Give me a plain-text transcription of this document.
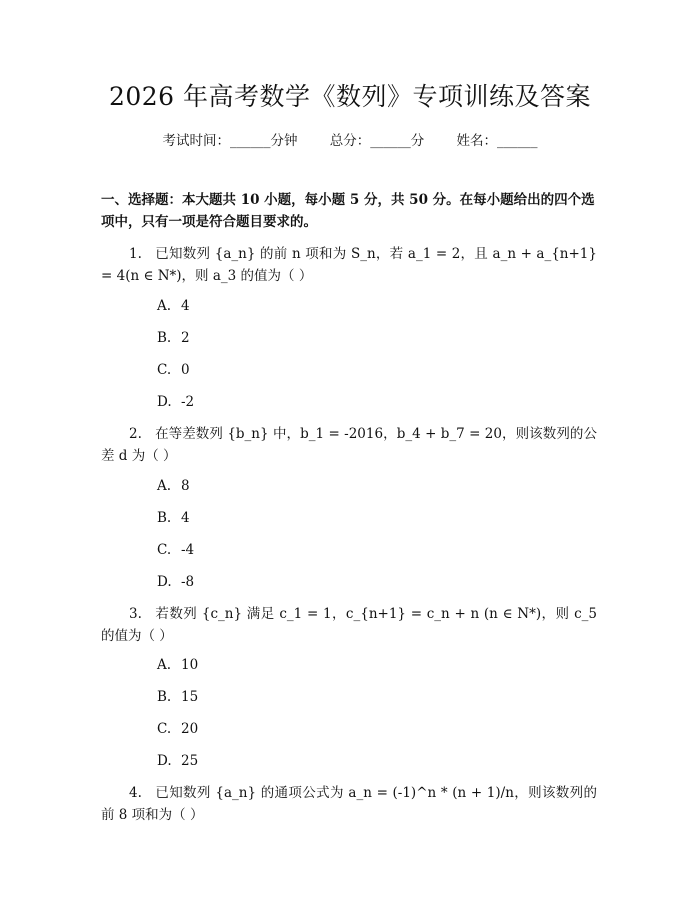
2026 年高考数学《数列》专项训练及答案
考试时间：______分钟 总分：______分 姓名：______
一、选择题：本大题共 10 小题，每小题 5 分，共 50 分。在每小题给出的四个选项中，只有一项是符合题目要求的。
1. 已知数列 {a_n} 的前 n 项和为 S_n，若 a_1 = 2，且 a_n + a_{n+1} = 4(n ∈ N*)，则 a_3 的值为（ ）
A. 4
B. 2
C. 0
D. -2
2. 在等差数列 {b_n} 中，b_1 = -2016，b_4 + b_7 = 20，则该数列的公差 d 为（ ）
A. 8
B. 4
C. -4
D. -8
3. 若数列 {c_n} 满足 c_1 = 1，c_{n+1} = c_n + n (n ∈ N*)，则 c_5 的值为（ ）
A. 10
B. 15
C. 20
D. 25
4. 已知数列 {a_n} 的通项公式为 a_n = (-1)^n * (n + 1)/n，则该数列的前 8 项和为（ ）
